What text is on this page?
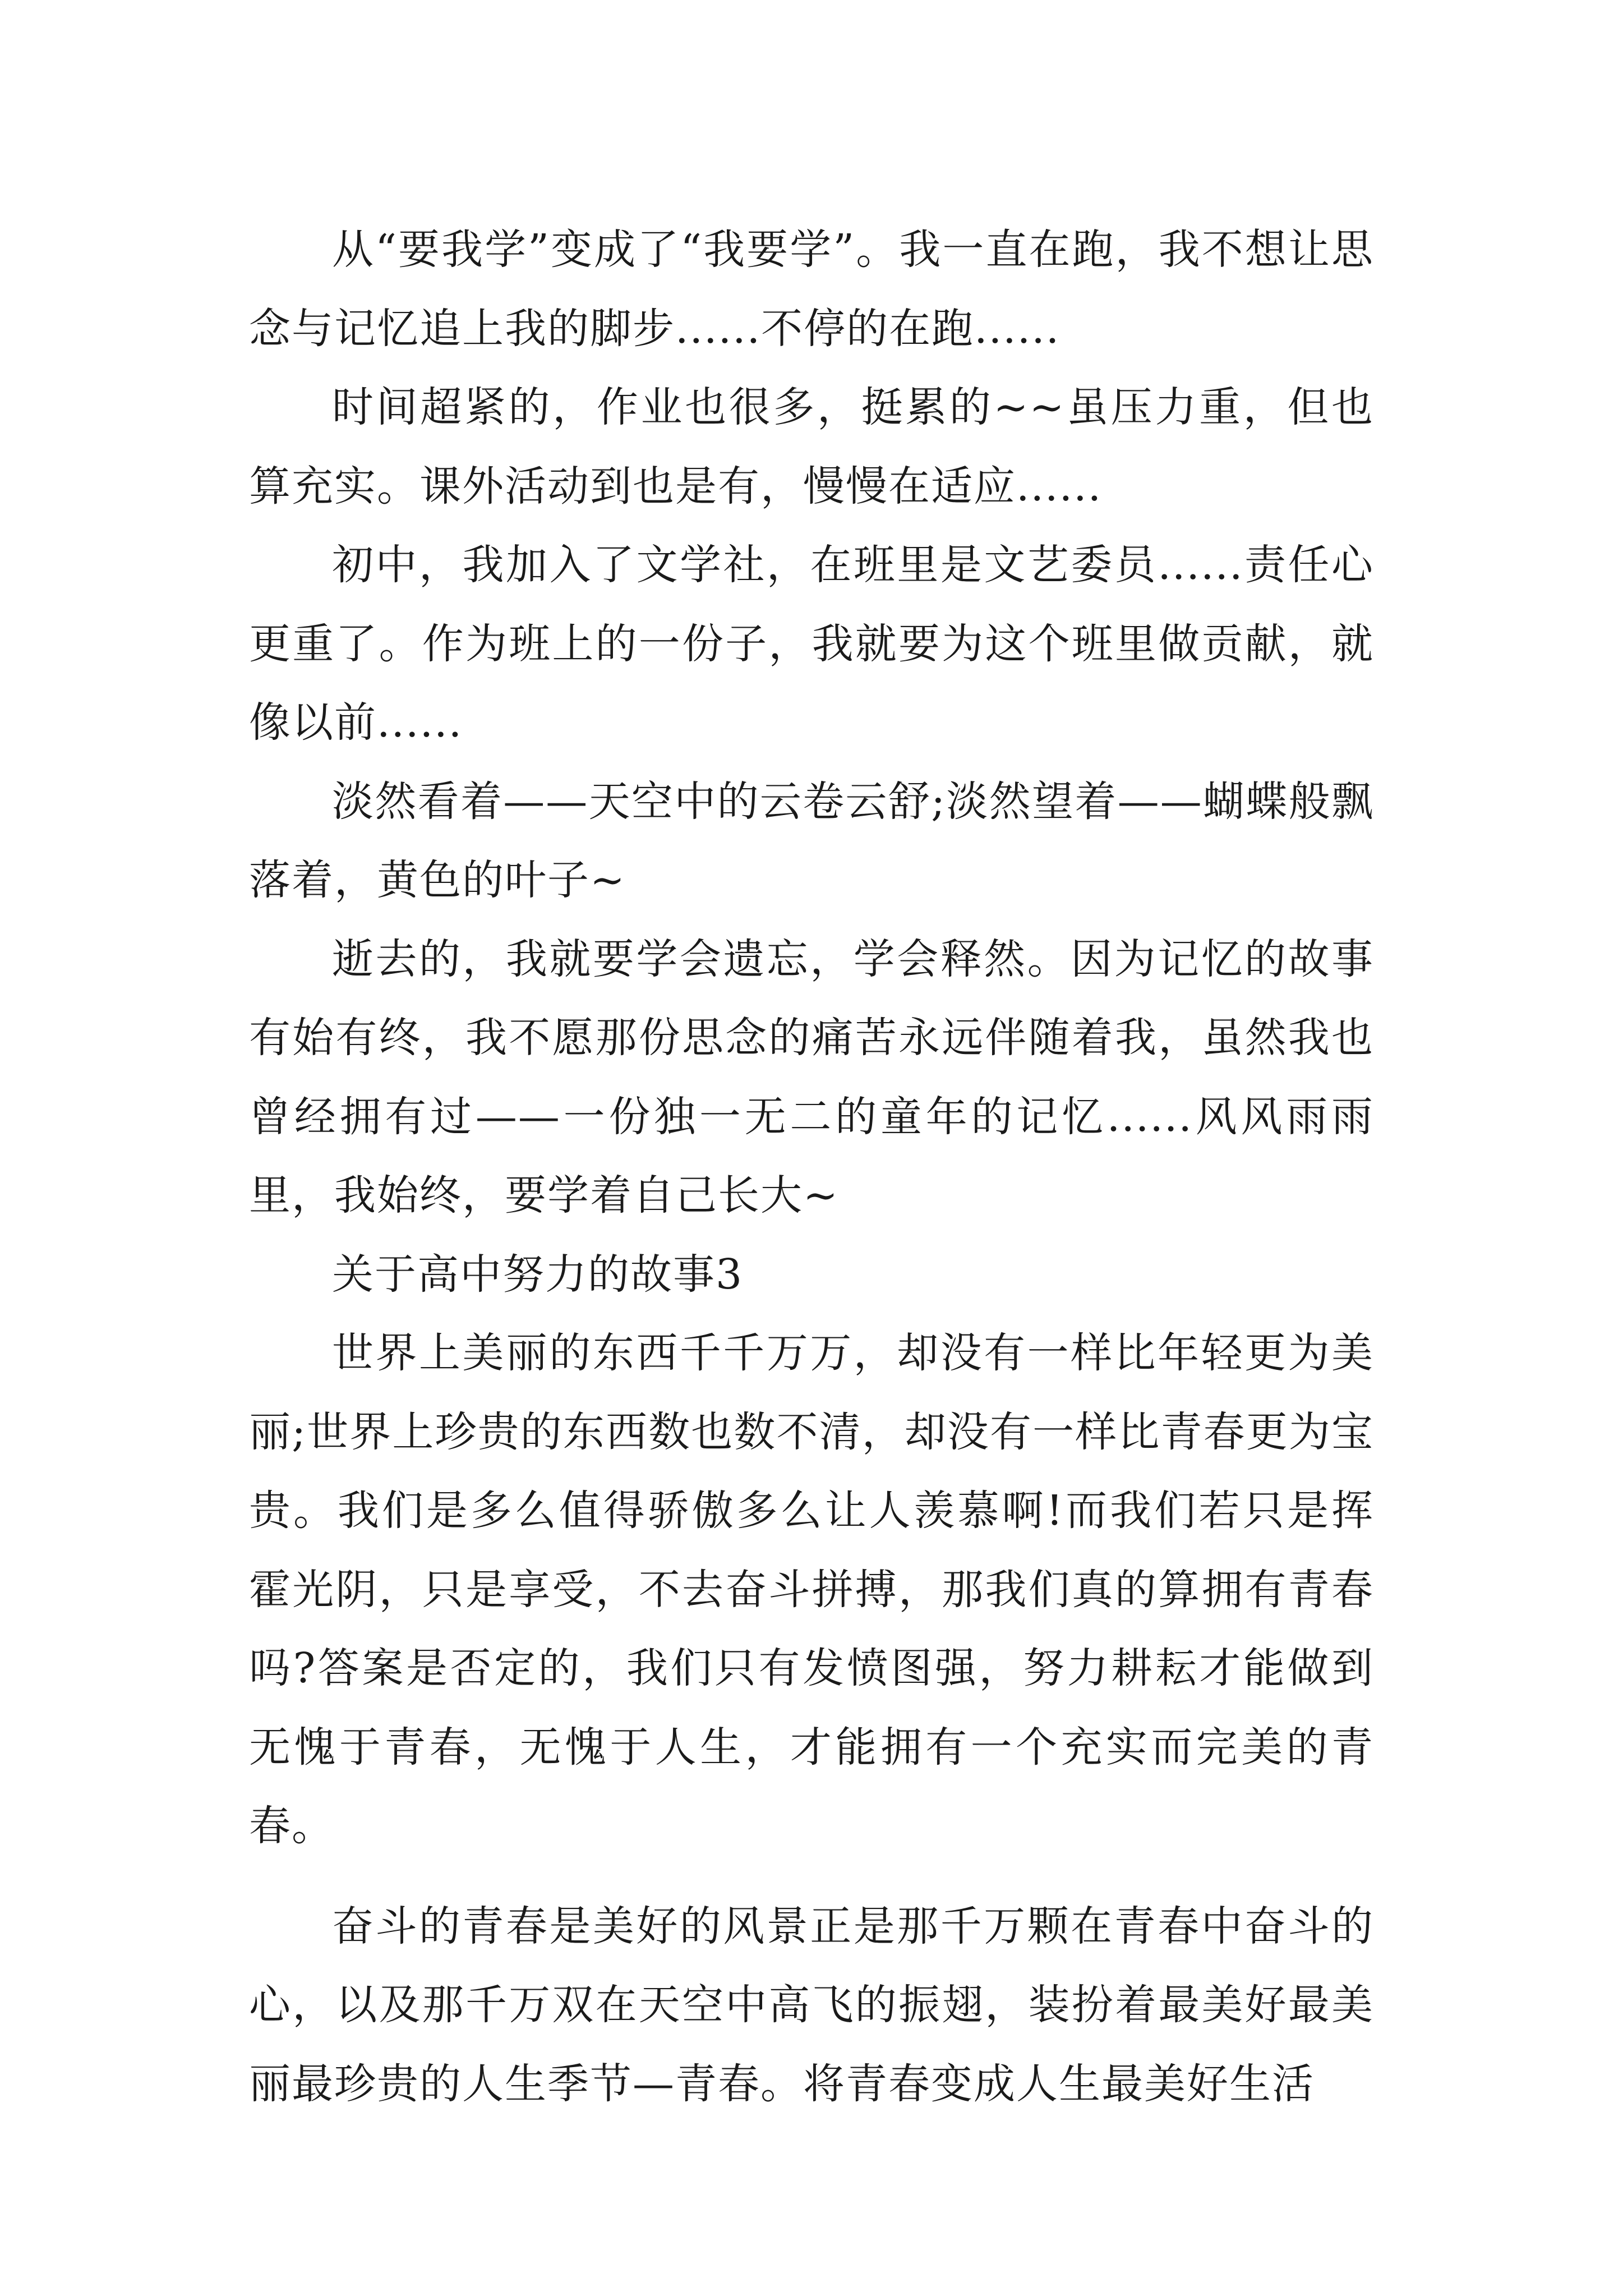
从“要我学”变成了“我要学”。我一直在跑，我不想让思念与记忆追上我的脚步......不停的在跑......

时间超紧的，作业也很多，挺累的~~虽压力重，但也算充实。课外活动到也是有，慢慢在适应......

初中，我加入了文学社，在班里是文艺委员......责任心更重了。作为班上的一份子，我就要为这个班里做贡献，就像以前......

淡然看着——天空中的云卷云舒;淡然望着——蝴蝶般飘落着，黄色的叶子~

逝去的，我就要学会遗忘，学会释然。因为记忆的故事有始有终，我不愿那份思念的痛苦永远伴随着我，虽然我也曾经拥有过——一份独一无二的童年的记忆......风风雨雨里，我始终，要学着自己长大~

关于高中努力的故事3

世界上美丽的东西千千万万，却没有一样比年轻更为美丽;世界上珍贵的东西数也数不清，却没有一样比青春更为宝贵。我们是多么值得骄傲多么让人羡慕啊!而我们若只是挥霍光阴，只是享受，不去奋斗拼搏，那我们真的算拥有青春吗?答案是否定的，我们只有发愤图强，努力耕耘才能做到无愧于青春，无愧于人生，才能拥有一个充实而完美的青春。

奋斗的青春是美好的风景正是那千万颗在青春中奋斗的心，以及那千万双在天空中高飞的振翅，装扮着最美好最美丽最珍贵的人生季节—青春。将青春变成人生最美好生活
